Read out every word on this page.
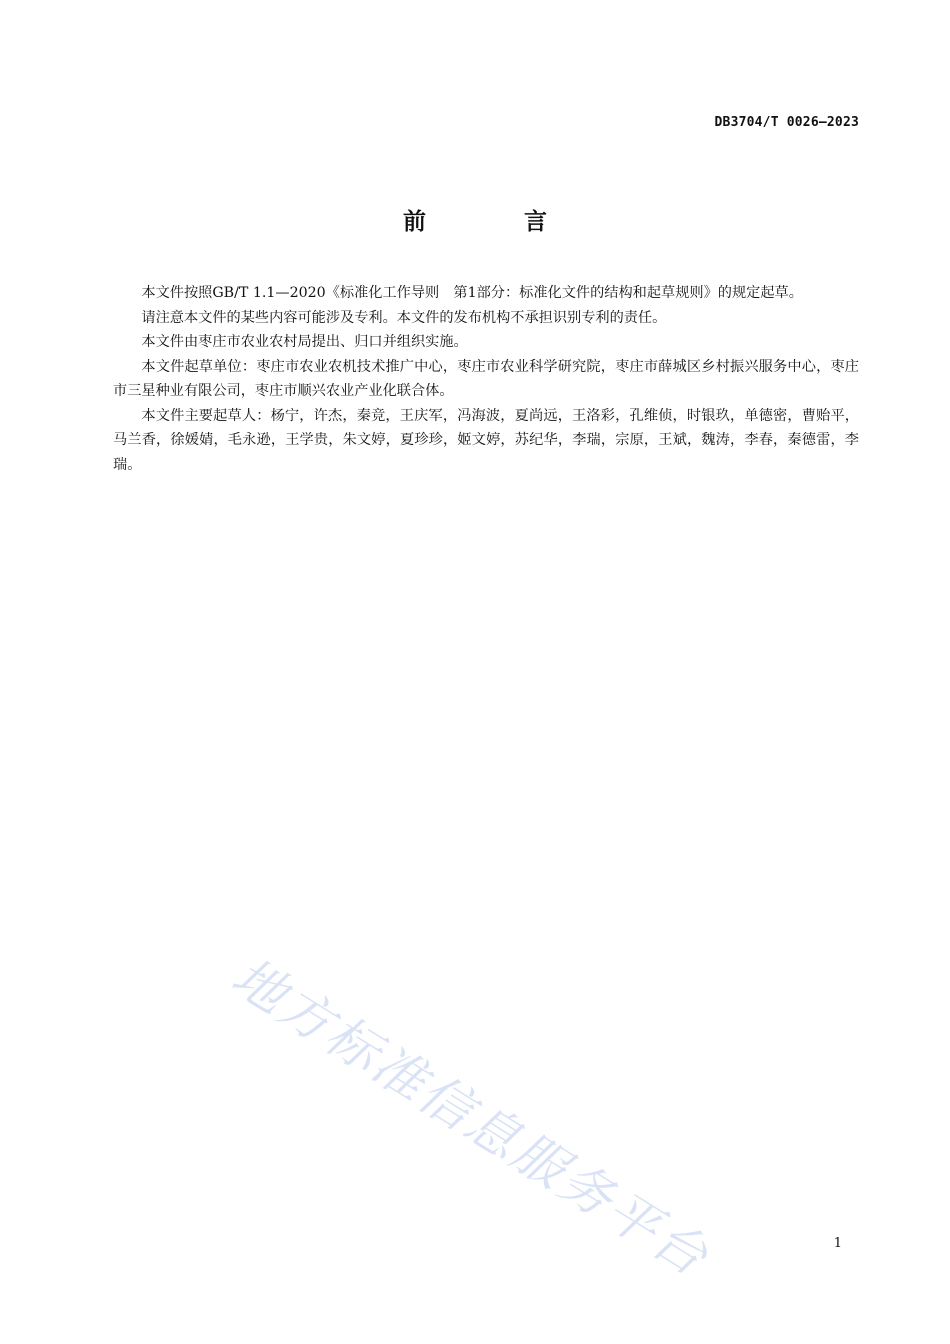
DB3704/T 0026—2023
前 言

本文件按照GB/T 1.1—2020《标准化工作导则　第1部分：标准化文件的结构和起草规则》的规定起草。

请注意本文件的某些内容可能涉及专利。本文件的发布机构不承担识别专利的责任。

本文件由枣庄市农业农村局提出、归口并组织实施。

本文件起草单位：枣庄市农业农机技术推广中心，枣庄市农业科学研究院，枣庄市薛城区乡村振兴服务中心，枣庄市三星种业有限公司，枣庄市顺兴农业产业化联合体。

本文件主要起草人：杨宁，许杰，秦竞，王庆军，冯海波，夏尚远，王洛彩，孔维侦，时银玖，单德密，曹贻平，马兰香，徐媛婧，毛永逊，王学贵，朱文婷，夏珍珍，姬文婷，苏纪华，李瑞，宗原，王斌，魏涛，李春，秦德雷，李瑞。

地方标准信息服务平台	1
